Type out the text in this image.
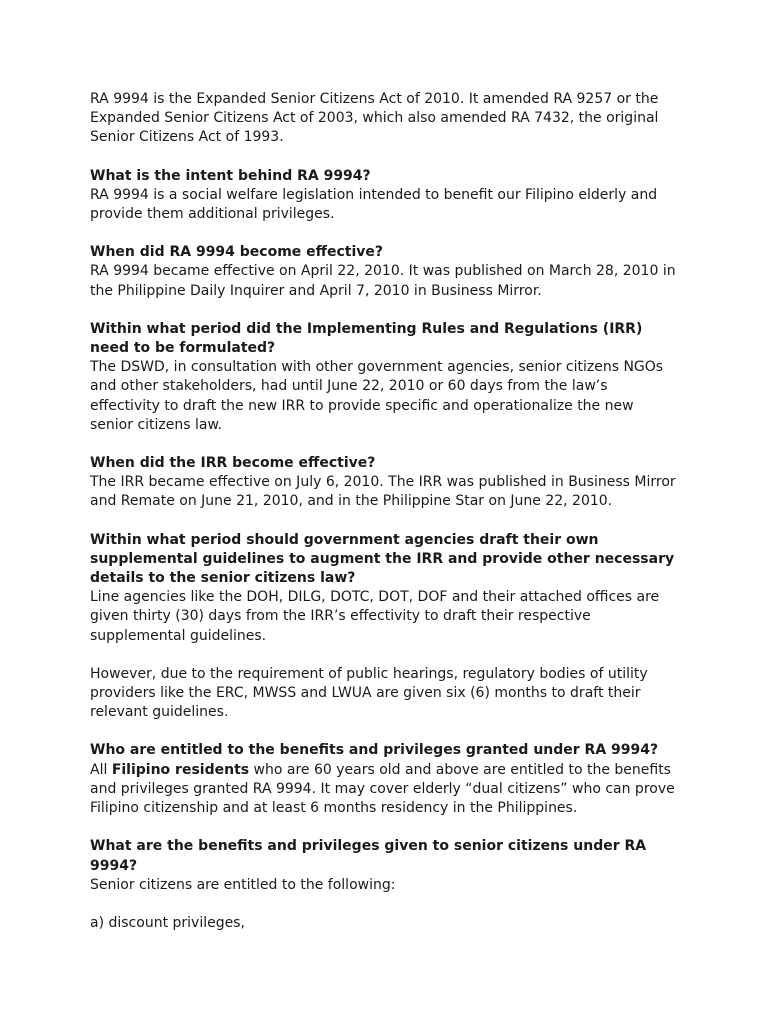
RA 9994 is the Expanded Senior Citizens Act of 2010. It amended RA 9257 or the Expanded Senior Citizens Act of 2003, which also amended RA 7432, the original Senior Citizens Act of 1993.

What is the intent behind RA 9994?

RA 9994 is a social welfare legislation intended to benefit our Filipino elderly and provide them additional privileges.

When did RA 9994 become effective?

RA 9994 became effective on April 22, 2010. It was published on March 28, 2010 in the Philippine Daily Inquirer and April 7, 2010 in Business Mirror.

Within what period did the Implementing Rules and Regulations (IRR) need to be formulated?

The DSWD, in consultation with other government agencies, senior citizens NGOs and other stakeholders, had until June 22, 2010 or 60 days from the law’s effectivity to draft the new IRR to provide specific and operationalize the new senior citizens law.

When did the IRR become effective?

The IRR became effective on July 6, 2010. The IRR was published in Business Mirror and Remate on June 21, 2010, and in the Philippine Star on June 22, 2010.

Within what period should government agencies draft their own supplemental guidelines to augment the IRR and provide other necessary details to the senior citizens law?

Line agencies like the DOH, DILG, DOTC, DOT, DOF and their attached offices are given thirty (30) days from the IRR’s effectivity to draft their respective supplemental guidelines.

However, due to the requirement of public hearings, regulatory bodies of utility providers like the ERC, MWSS and LWUA are given six (6) months to draft their relevant guidelines.

Who are entitled to the benefits and privileges granted under RA 9994?

All Filipino residents who are 60 years old and above are entitled to the benefits and privileges granted RA 9994. It may cover elderly “dual citizens” who can prove Filipino citizenship and at least 6 months residency in the Philippines.

What are the benefits and privileges given to senior citizens under RA 9994?

Senior citizens are entitled to the following:

a) discount privileges,
